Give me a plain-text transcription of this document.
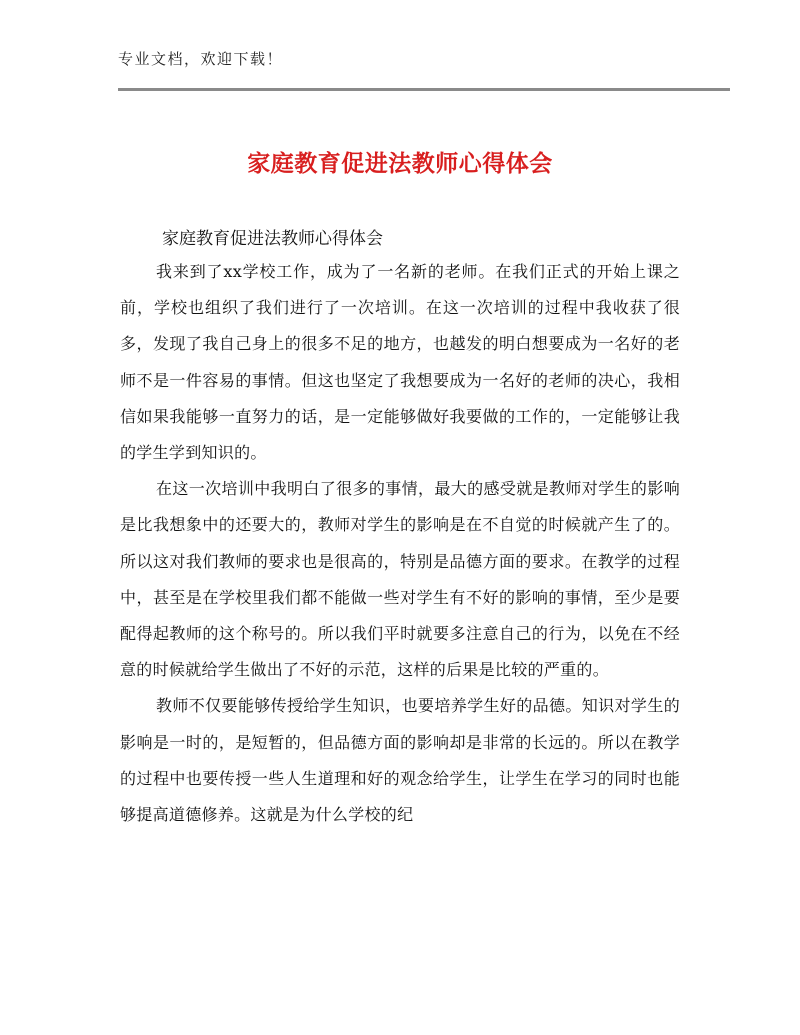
专业文档，欢迎下载！
家庭教育促进法教师心得体会
家庭教育促进法教师心得体会

我来到了xx学校工作，成为了一名新的老师。在我们正式的开始上课之前，学校也组织了我们进行了一次培训。在这一次培训的过程中我收获了很多，发现了我自己身上的很多不足的地方，也越发的明白想要成为一名好的老师不是一件容易的事情。但这也坚定了我想要成为一名好的老师的决心，我相信如果我能够一直努力的话，是一定能够做好我要做的工作的，一定能够让我的学生学到知识的。

在这一次培训中我明白了很多的事情，最大的感受就是教师对学生的影响是比我想象中的还要大的，教师对学生的影响是在不自觉的时候就产生了的。所以这对我们教师的要求也是很高的，特别是品德方面的要求。在教学的过程中，甚至是在学校里我们都不能做一些对学生有不好的影响的事情，至少是要配得起教师的这个称号的。所以我们平时就要多注意自己的行为，以免在不经意的时候就给学生做出了不好的示范，这样的后果是比较的严重的。

教师不仅要能够传授给学生知识，也要培养学生好的品德。知识对学生的影响是一时的，是短暂的，但品德方面的影响却是非常的长远的。所以在教学的过程中也要传授一些人生道理和好的观念给学生，让学生在学习的同时也能够提高道德修养。这就是为什么学校的纪
